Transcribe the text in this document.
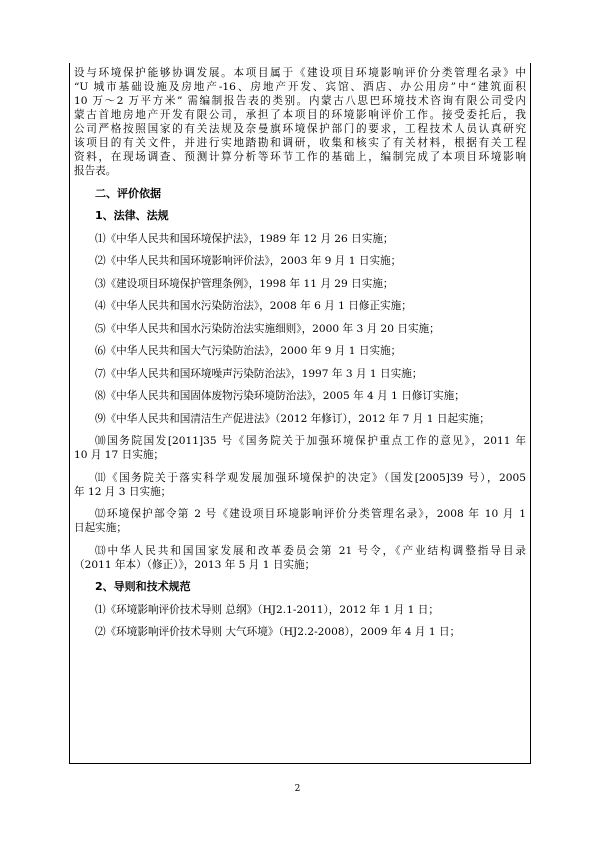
设与环境保护能够协调发展。本项目属于《建设项目环境影响评价分类管理名录》中
“U 城市基础设施及房地产-16、房地产开发、宾馆、酒店、办公用房”中“建筑面积
10 万～2 万平方米” 需编制报告表的类别。内蒙古八思巴环境技术咨询有限公司受内
蒙古首地房地产开发有限公司，承担了本项目的环境影响评价工作。接受委托后，我
公司严格按照国家的有关法规及奈曼旗环境保护部门的要求，工程技术人员认真研究
该项目的有关文件，并进行实地踏勘和调研，收集和核实了有关材料，根据有关工程
资料，在现场调查、预测计算分析等环节工作的基础上，编制完成了本项目环境影响
报告表。
二、评价依据
1、法律、法规
⑴《中华人民共和国环境保护法》，1989 年 12 月 26 日实施；
⑵《中华人民共和国环境影响评价法》，2003 年 9 月 1 日实施；
⑶《建设项目环境保护管理条例》，1998 年 11 月 29 日实施；
⑷《中华人民共和国水污染防治法》，2008 年 6 月 1 日修正实施；
⑸《中华人民共和国水污染防治法实施细则》，2000 年 3 月 20 日实施；
⑹《中华人民共和国大气污染防治法》，2000 年 9 月 1 日实施；
⑺《中华人民共和国环境噪声污染防治法》，1997 年 3 月 1 日实施；
⑻《中华人民共和国固体废物污染环境防治法》，2005 年 4 月 1 日修订实施；
⑼《中华人民共和国清洁生产促进法》（2012 年修订），2012 年 7 月 1 日起实施；
⑽国务院国发[2011]35 号《国务院关于加强环境保护重点工作的意见》，2011 年
10 月 17 日实施；
⑾《国务院关于落实科学观发展加强环境保护的决定》（国发[2005]39 号），2005
年 12 月 3 日实施；
⑿环境保护部令第 2 号《建设项目环境影响评价分类管理名录》，2008 年 10 月 1
日起实施；
⒀中华人民共和国国家发展和改革委员会第 21 号令，《产业结构调整指导目录
（2011 年本）（修正）》，2013 年 5 月 1 日实施；
2、导则和技术规范
⑴《环境影响评价技术导则 总纲》（HJ2.1-2011），2012 年 1 月 1 日；
⑵《环境影响评价技术导则 大气环境》（HJ2.2-2008），2009 年 4 月 1 日；
2
